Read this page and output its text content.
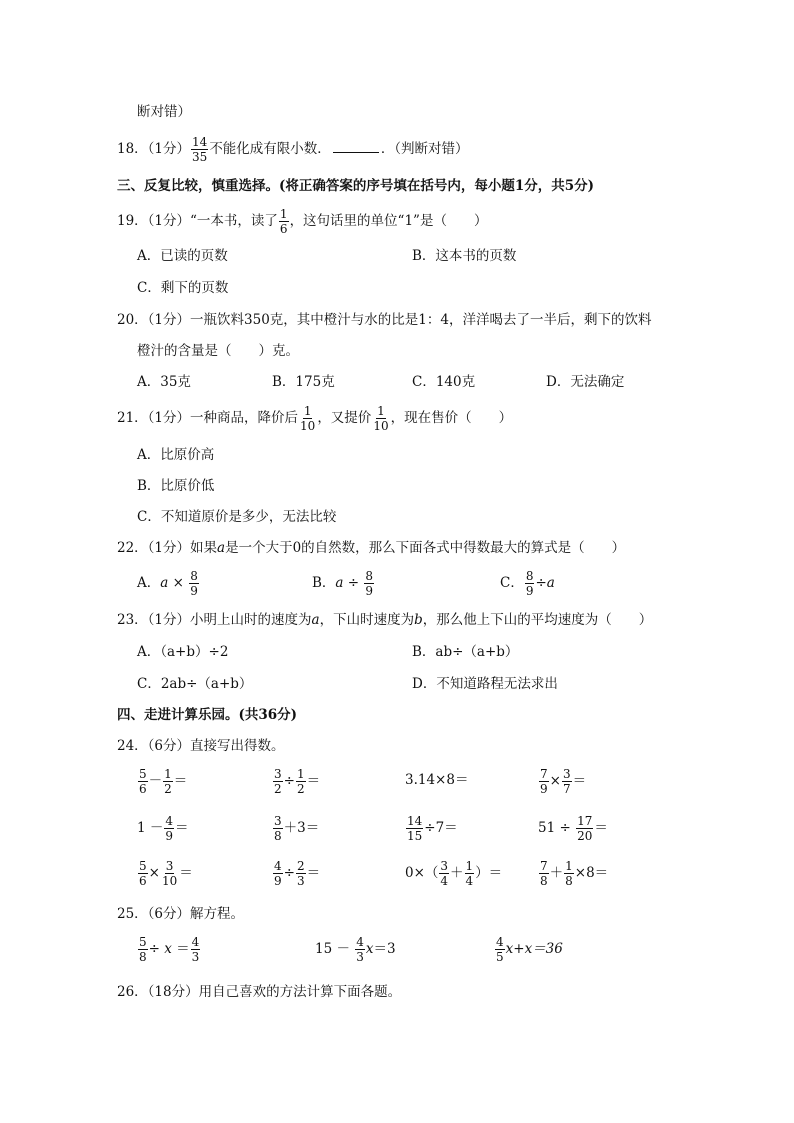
断对错）
18．（1分） $\frac{14}{35}$ 不能化成有限小数．	．（判断对错）
三、反复比较，慎重选择。(将正确答案的序号填在括号内，每小题1分，共5分)
19．（1分）“一本书，读了 $\frac{1}{6}$ ，这句话里的单位“1”是（　　）
A．已读的页数	B．这本书的页数
C．剩下的页数
20．（1分）一瓶饮料350克，其中橙汁与水的比是1：4，洋洋喝去了一半后，剩下的饮料
橙汁的含量是（　　）克。
A．35克	B．175克	C．140克	D．无法确定
21．（1分）一种商品，降价后 $\frac{1}{10}$ ，又提价 $\frac{1}{10}$ ，现在售价（　　）
A．比原价高
B．比原价低
C．不知道原价是多少，无法比较
22．（1分）如果a是一个大于0的自然数，那么下面各式中得数最大的算式是（　　）
A．$a \times \frac{8}{9}$	B．$a \div \frac{8}{9}$	C． $\frac{8}{9} \div a$
23．（1分）小明上山时的速度为a，下山时速度为b，那么他上下山的平均速度为（　　）
A．（a+b）÷2	B．ab÷（a+b）
C．2ab÷（a+b）	D．不知道路程无法求出
四、走进计算乐园。(共36分)
24．（6分）直接写出得数。
$\frac{5}{6} - \frac{1}{2}$ ＝	$\frac{3}{2} \div \frac{1}{2}$ ＝	3.14×8＝	$\frac{7}{9} \times \frac{3}{7}$ ＝
$1 - \frac{4}{9}$ ＝	$\frac{3}{8} +3=$	$\frac{14}{15} \div 7=$	$51 \div \frac{17}{20}$ ＝
$\frac{5}{6} \times \frac{3}{10}$ ＝	$\frac{4}{9} \div \frac{2}{3}$ ＝	$0\times( \frac{3}{4} + \frac{1}{4}$ ）＝	$\frac{7}{8} + \frac{1}{8} \times 8=$
25．（6分）解方程。
$\frac{5}{8} \div x = \frac{4}{3}$	$15 - \frac{4}{3} x=3$	$\frac{4}{5} x+x=36$
26．（18分）用自己喜欢的方法计算下面各题。
